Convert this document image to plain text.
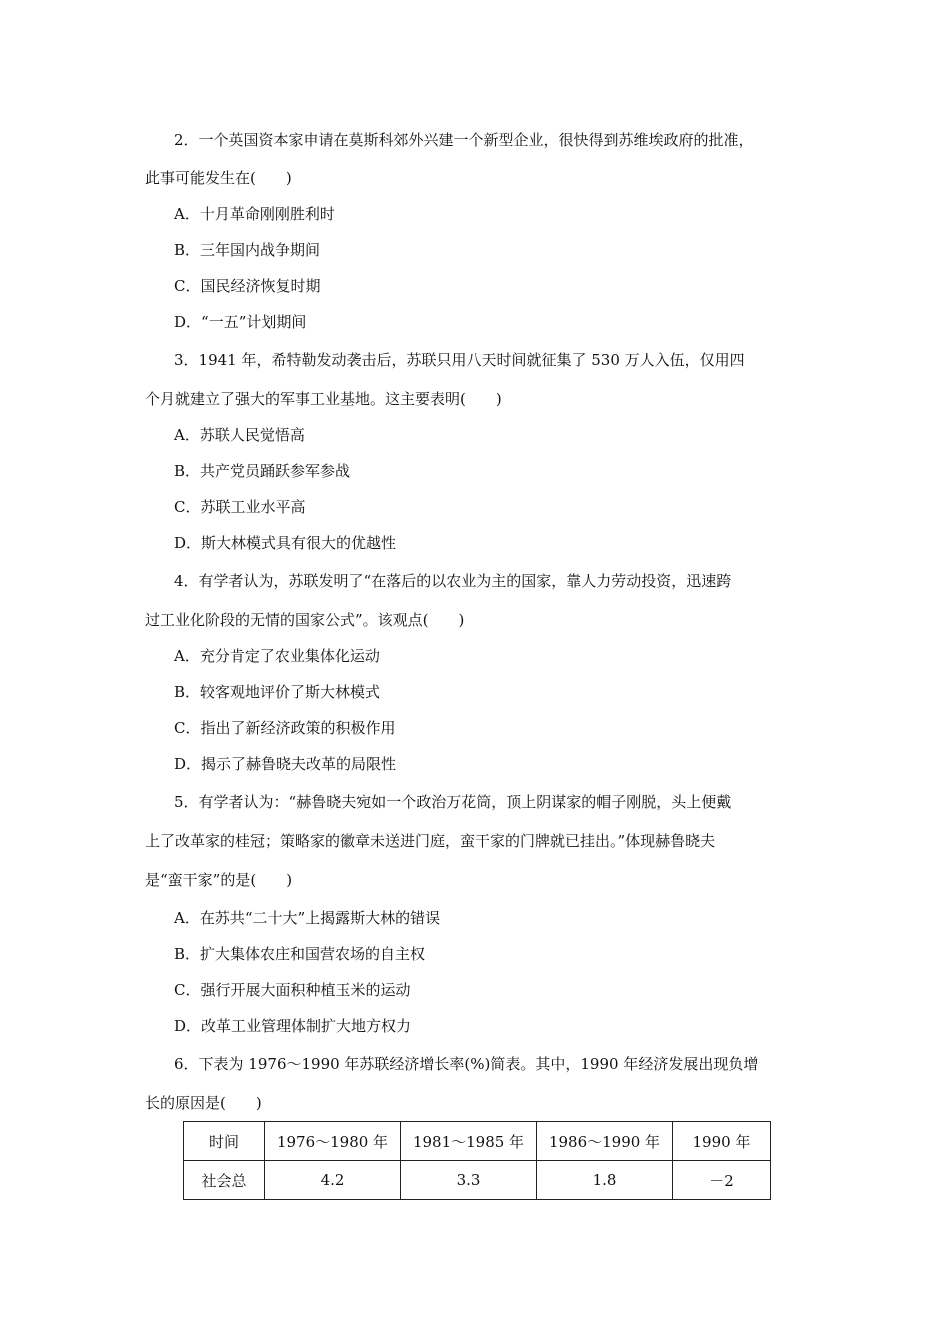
2．一个英国资本家申请在莫斯科郊外兴建一个新型企业，很快得到苏维埃政府的批准，
此事可能发生在(　　)
A．十月革命刚刚胜利时
B．三年国内战争期间
C．国民经济恢复时期
D．“一五”计划期间
3．1941 年，希特勒发动袭击后，苏联只用八天时间就征集了 530 万人入伍，仅用四
个月就建立了强大的军事工业基地。这主要表明(　　)
A．苏联人民觉悟高
B．共产党员踊跃参军参战
C．苏联工业水平高
D．斯大林模式具有很大的优越性
4．有学者认为，苏联发明了“在落后的以农业为主的国家，靠人力劳动投资，迅速跨
过工业化阶段的无情的国家公式”。该观点(　　)
A．充分肯定了农业集体化运动
B．较客观地评价了斯大林模式
C．指出了新经济政策的积极作用
D．揭示了赫鲁晓夫改革的局限性
5．有学者认为：“赫鲁晓夫宛如一个政治万花筒，顶上阴谋家的帽子刚脱，头上便戴
上了改革家的桂冠；策略家的徽章未送进门庭，蛮干家的门牌就已挂出。”体现赫鲁晓夫
是“蛮干家”的是(　　)
A．在苏共“二十大”上揭露斯大林的错误
B．扩大集体农庄和国营农场的自主权
C．强行开展大面积种植玉米的运动
D．改革工业管理体制扩大地方权力
6．下表为 1976～1990 年苏联经济增长率(%)简表。其中，1990 年经济发展出现负增
长的原因是(　　)
时间	1976～1980 年	1981～1985 年	1986～1990 年	1990 年
社会总	4.2	3.3	1.8	－2
